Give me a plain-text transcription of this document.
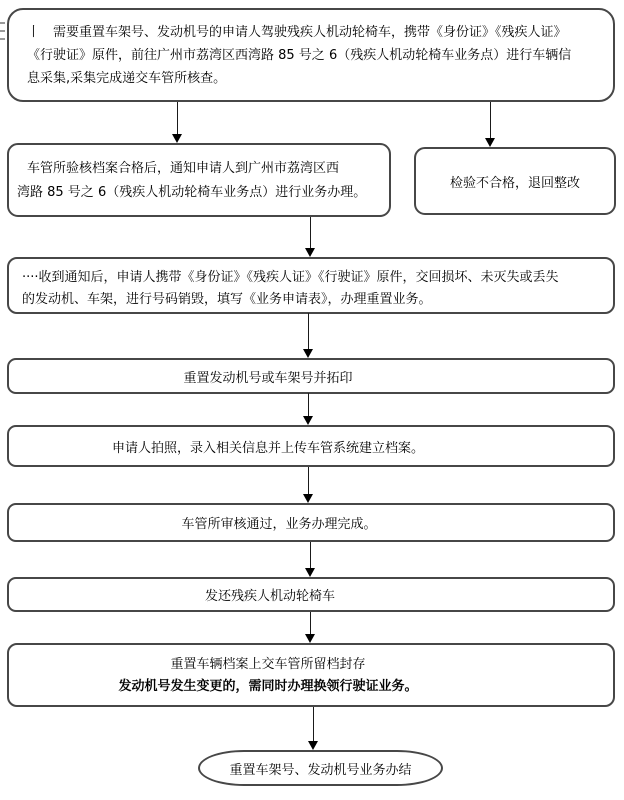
丨　需要重置车架号、发动机号的申请人驾驶残疾人机动轮椅车，携带《身份证》《残疾人证》
《行驶证》原件，前往广州市荔湾区西湾路 85 号之 6（残疾人机动轮椅车业务点）进行车辆信
息采集,采集完成递交车管所核查。
车管所验核档案合格后，通知申请人到广州市荔湾区西
湾路 85 号之 6（残疾人机动轮椅车业务点）进行业务办理。
检验不合格，退回整改
····收到通知后，申请人携带《身份证》《残疾人证》《行驶证》原件，交回损坏、未灭失或丢失
的发动机、车架，进行号码销毁，填写《业务申请表》，办理重置业务。
重置发动机号或车架号并拓印
申请人拍照，录入相关信息并上传车管系统建立档案。
车管所审核通过，业务办理完成。
发还残疾人机动轮椅车
重置车辆档案上交车管所留档封存
发动机号发生变更的，需同时办理换领行驶证业务。
重置车架号、发动机号业务办结
